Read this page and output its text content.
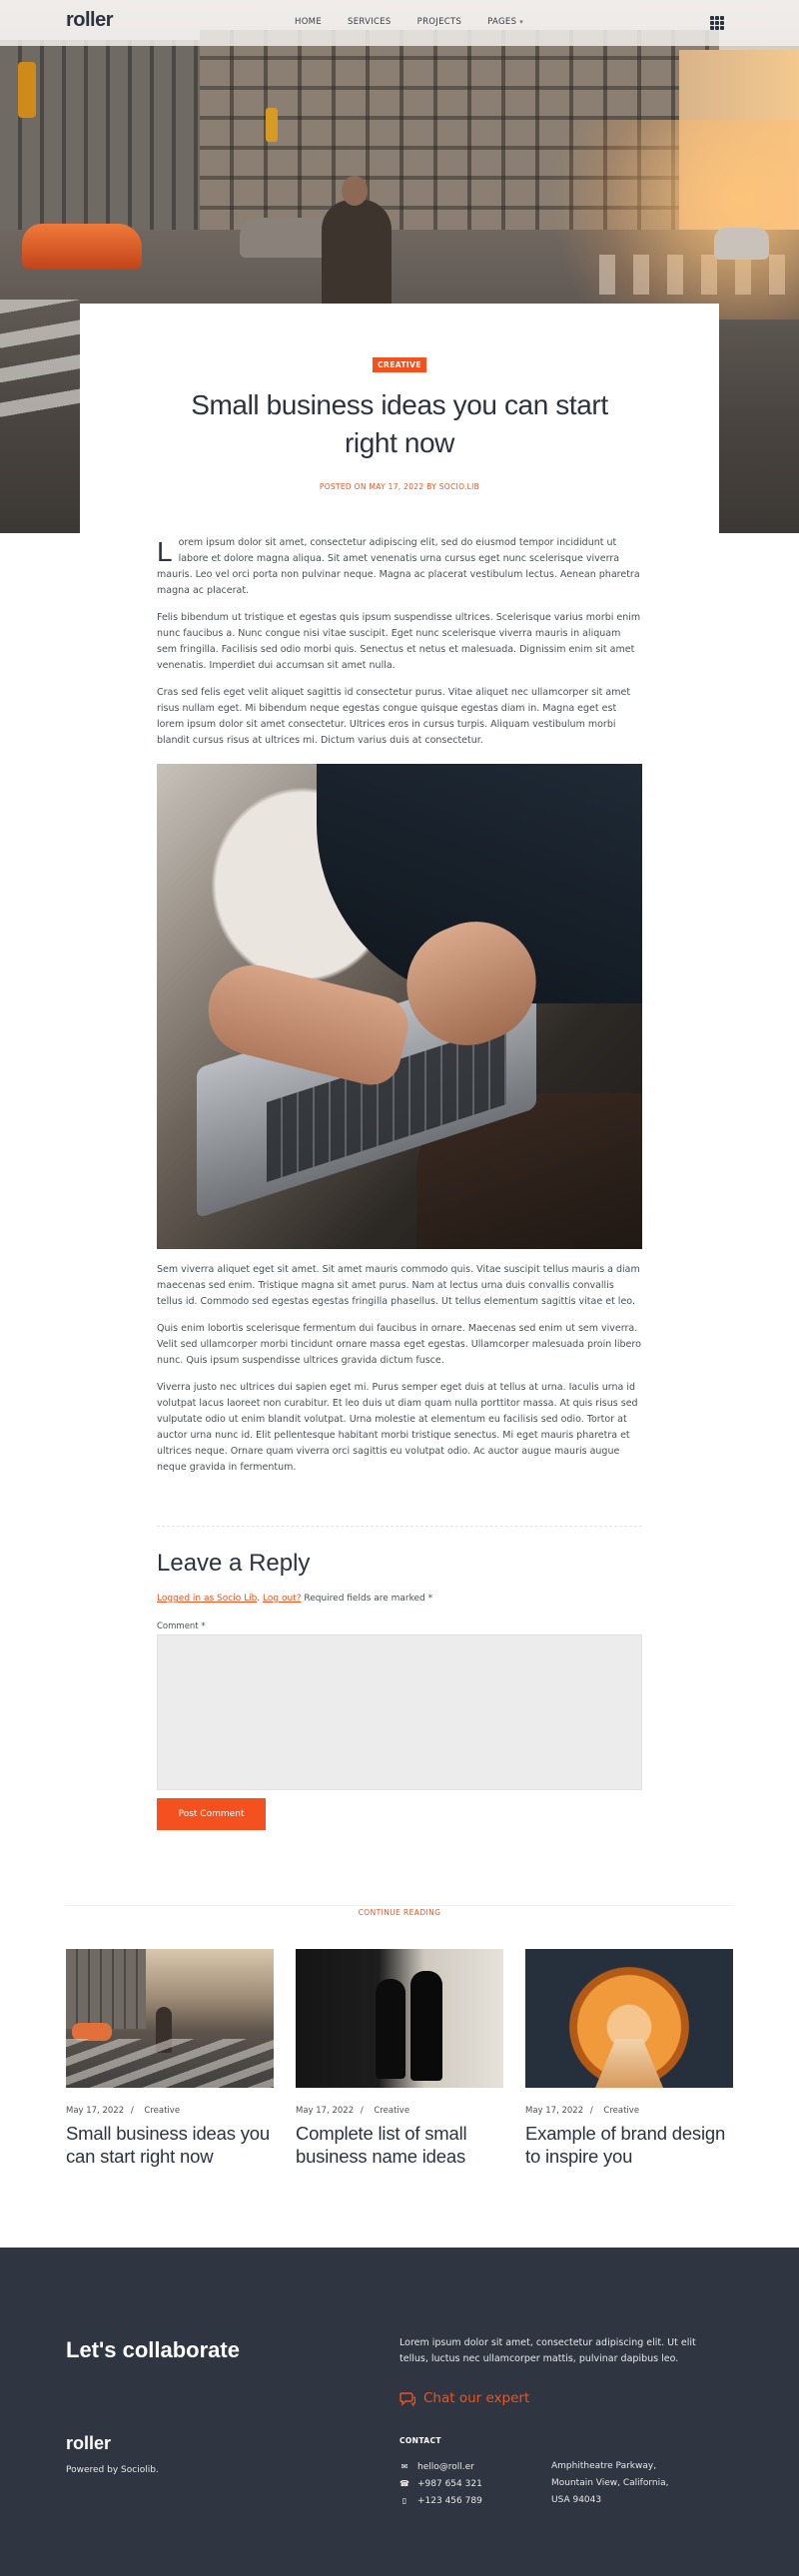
roller	HOME	SERVICES	PROJECTS	PAGES ▾
CREATIVE
Small business ideas you can start right now
POSTED ON MAY 17, 2022 BY SOCIO.LIB

Lorem ipsum dolor sit amet, consectetur adipiscing elit, sed do eiusmod tempor incididunt ut labore et dolore magna aliqua. Sit amet venenatis urna cursus eget nunc scelerisque viverra mauris. Leo vel orci porta non pulvinar neque. Magna ac placerat vestibulum lectus. Aenean pharetra magna ac placerat.

Felis bibendum ut tristique et egestas quis ipsum suspendisse ultrices. Scelerisque varius morbi enim nunc faucibus a. Nunc congue nisi vitae suscipit. Eget nunc scelerisque viverra mauris in aliquam sem fringilla. Facilisis sed odio morbi quis. Senectus et netus et malesuada. Dignissim enim sit amet venenatis. Imperdiet dui accumsan sit amet nulla.

Cras sed felis eget velit aliquet sagittis id consectetur purus. Vitae aliquet nec ullamcorper sit amet risus nullam eget. Mi bibendum neque egestas congue quisque egestas diam in. Magna eget est lorem ipsum dolor sit amet consectetur. Ultrices eros in cursus turpis. Aliquam vestibulum morbi blandit cursus risus at ultrices mi. Dictum varius duis at consectetur.

Sem viverra aliquet eget sit amet. Sit amet mauris commodo quis. Vitae suscipit tellus mauris a diam maecenas sed enim. Tristique magna sit amet purus. Nam at lectus urna duis convallis convallis tellus id. Commodo sed egestas egestas fringilla phasellus. Ut tellus elementum sagittis vitae et leo.

Quis enim lobortis scelerisque fermentum dui faucibus in ornare. Maecenas sed enim ut sem viverra. Velit sed ullamcorper morbi tincidunt ornare massa eget egestas. Ullamcorper malesuada proin libero nunc. Quis ipsum suspendisse ultrices gravida dictum fusce.

Viverra justo nec ultrices dui sapien eget mi. Purus semper eget duis at tellus at urna. Iaculis urna id volutpat lacus laoreet non curabitur. Et leo duis ut diam quam nulla porttitor massa. At quis risus sed vulputate odio ut enim blandit volutpat. Urna molestie at elementum eu facilisis sed odio. Tortor at auctor urna nunc id. Elit pellentesque habitant morbi tristique senectus. Mi eget mauris pharetra et ultrices neque. Ornare quam viverra orci sagittis eu volutpat odio. Ac auctor augue mauris augue neque gravida in fermentum.

Leave a Reply
Logged in as Socio Lib. Log out? Required fields are marked *
Comment *
Post Comment
CONTINUE READING
May 17, 2022 / Creative
Small business ideas you can start right now
May 17, 2022 / Creative
Complete list of small business name ideas
May 17, 2022 / Creative
Example of brand design to inspire you
Let's collaborate	Lorem ipsum dolor sit amet, consectetur adipiscing elit. Ut elit tellus, luctus nec ullamcorper mattis, pulvinar dapibus leo.
Chat our expert
roller
Powered by Sociolib.
CONTACT
✉ hello@roll.er
☎ +987 654 321
▯	+123 456 789
Amphitheatre Parkway,
Mountain View, California,
USA 94043
